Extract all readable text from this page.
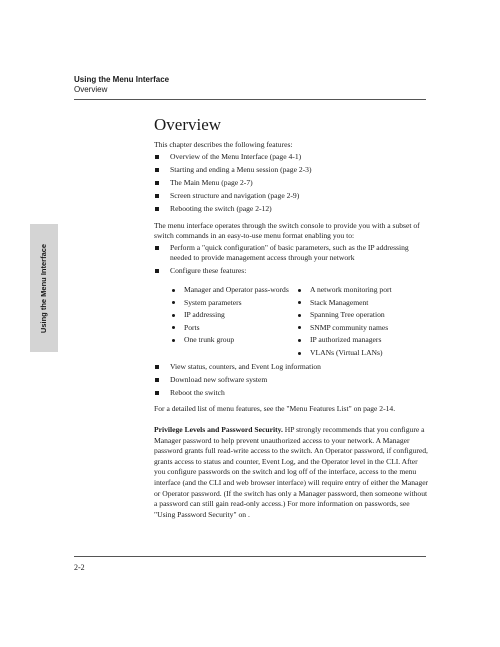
Using the Menu Interface
Overview
Using the Menu Interface
Overview

This chapter describes the following features:

Overview of the Menu Interface (page 4-1)
Starting and ending a Menu session (page 2-3)
The Main Menu (page 2-7)
Screen structure and navigation (page 2-9)
Rebooting the switch (page 2-12)

The menu interface operates through the switch console to provide you with a subset of switch commands in an easy-to-use menu format enabling you to:

Perform a "quick configuration" of basic parameters, such as the IP addressing needed to provide management access through your network
Configure these features:
Manager and Operator pass-words
System parameters
IP addressing
Ports
One trunk group
A network monitoring port
Stack Management
Spanning Tree operation
SNMP community names
IP authorized managers
VLANs (Virtual LANs)
View status, counters, and Event Log information
Download new software system
Reboot the switch

For a detailed list of menu features, see the "Menu Features List" on page 2-14.

Privilege Levels and Password Security. HP strongly recommends that you configure a Manager password to help prevent unauthorized access to your network. A Manager password grants full read-write access to the switch. An Operator password, if configured, grants access to status and counter, Event Log, and the Operator level in the CLI. After you configure passwords on the switch and log off of the interface, access to the menu interface (and the CLI and web browser interface) will require entry of either the Manager or Operator password. (If the switch has only a Manager password, then someone without a password can still gain read-only access.) For more information on passwords, see "Using Password Security" on .

2-2
